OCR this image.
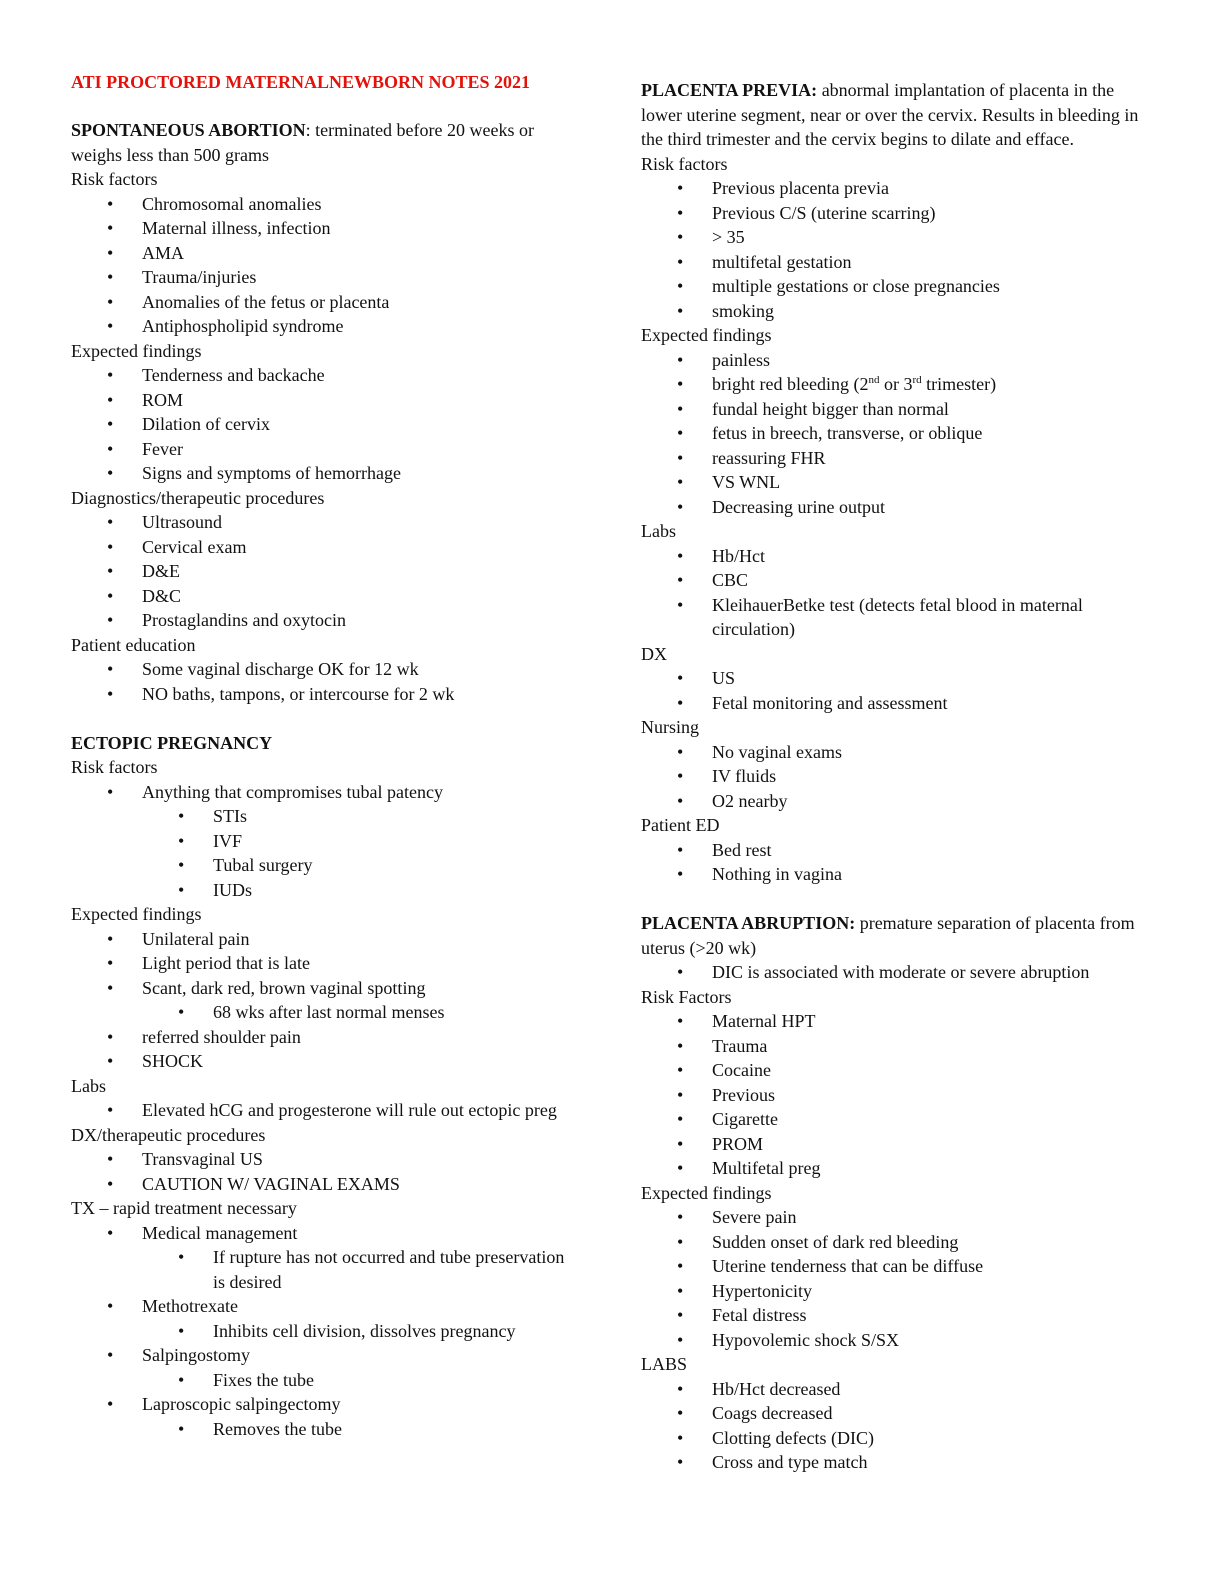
ATI PROCTORED MATERNALNEWBORN NOTES 2021
SPONTANEOUS ABORTION: terminated before 20 weeks or weighs less than 500 grams
Risk factors
• Chromosomal anomalies
• Maternal illness, infection
• AMA
• Trauma/injuries
• Anomalies of the fetus or placenta
• Antiphospholipid syndrome
Expected findings
• Tenderness and backache
• ROM
• Dilation of cervix
• Fever
• Signs and symptoms of hemorrhage
Diagnostics/therapeutic procedures
• Ultrasound
• Cervical exam
• D&E
• D&C
• Prostaglandins and oxytocin
Patient education
• Some vaginal discharge OK for 12 wk
• NO baths, tampons, or intercourse for 2 wk
ECTOPIC PREGNANCY
Risk factors
• Anything that compromises tubal patency
• STIs
• IVF
• Tubal surgery
• IUDs
Expected findings
• Unilateral pain
• Light period that is late
• Scant, dark red, brown vaginal spotting
• 68 wks after last normal menses
• referred shoulder pain
• SHOCK
Labs
• Elevated hCG and progesterone will rule out ectopic preg
DX/therapeutic procedures
• Transvaginal US
• CAUTION W/ VAGINAL EXAMS
TX – rapid treatment necessary
• Medical management
• If rupture has not occurred and tube preservation is desired
• Methotrexate
• Inhibits cell division, dissolves pregnancy
• Salpingostomy
• Fixes the tube
• Laproscopic salpingectomy
• Removes the tube
PLACENTA PREVIA: abnormal implantation of placenta in the lower uterine segment, near or over the cervix. Results in bleeding in the third trimester and the cervix begins to dilate and efface.
Risk factors
• Previous placenta previa
• Previous C/S (uterine scarring)
• > 35
• multifetal gestation
• multiple gestations or close pregnancies
• smoking
Expected findings
• painless
• bright red bleeding (2nd or 3rd trimester)
• fundal height bigger than normal
• fetus in breech, transverse, or oblique
• reassuring FHR
• VS WNL
• Decreasing urine output
Labs
• Hb/Hct
• CBC
• KleihauerBetke test (detects fetal blood in maternal circulation)
DX
• US
• Fetal monitoring and assessment
Nursing
• No vaginal exams
• IV fluids
• O2 nearby
Patient ED
• Bed rest
• Nothing in vagina
PLACENTA ABRUPTION: premature separation of placenta from uterus (>20 wk)
• DIC is associated with moderate or severe abruption
Risk Factors
• Maternal HPT
• Trauma
• Cocaine
• Previous
• Cigarette
• PROM
• Multifetal preg
Expected findings
• Severe pain
• Sudden onset of dark red bleeding
• Uterine tenderness that can be diffuse
• Hypertonicity
• Fetal distress
• Hypovolemic shock S/SX
LABS
• Hb/Hct decreased
• Coags decreased
• Clotting defects (DIC)
• Cross and type match
